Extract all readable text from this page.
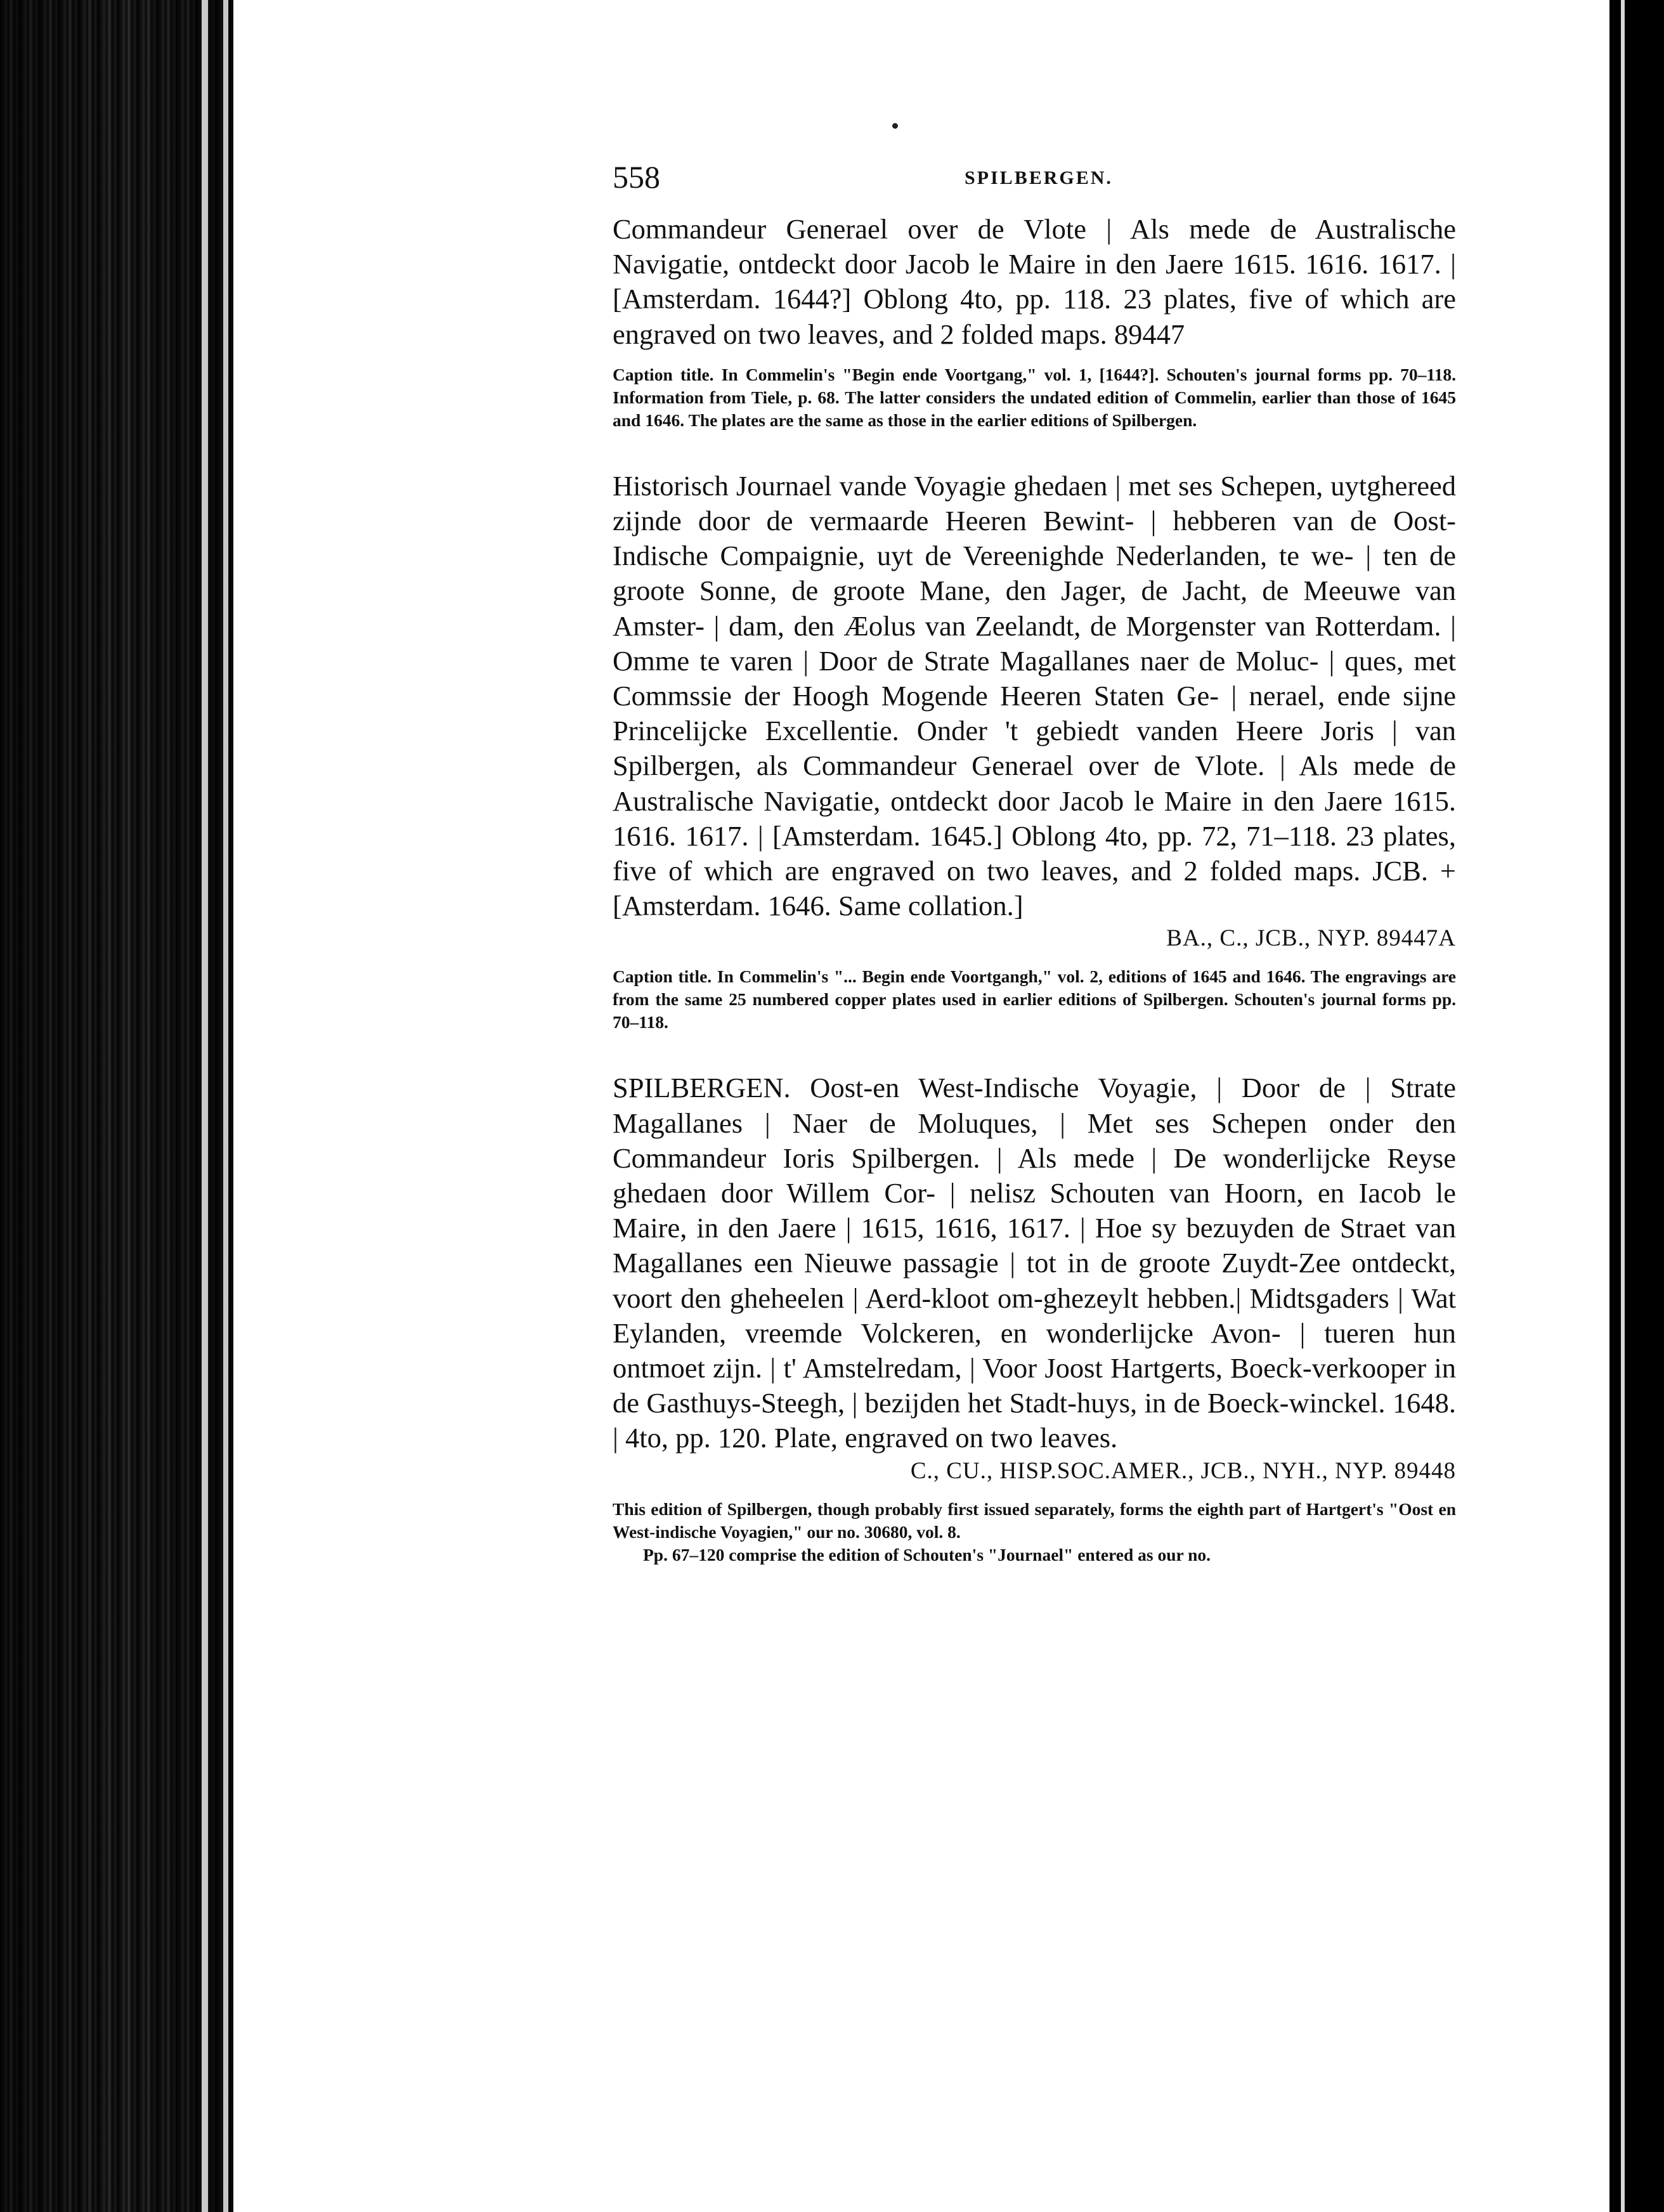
558	SPILBERGEN.

Commandeur Generael over de Vlote | Als mede de Australische Navigatie, ontdeckt door Jacob le Maire in den Jaere 1615. 1616. 1617. | [Amsterdam. 1644?] Oblong 4to, pp. 118. 23 plates, five of which are engraved on two leaves, and 2 folded maps. 89447

Caption title. In Commelin's "Begin ende Voortgang," vol. 1, [1644?]. Schouten's journal forms pp. 70–118. Information from Tiele, p. 68. The latter considers the undated edition of Commelin, earlier than those of 1645 and 1646. The plates are the same as those in the earlier editions of Spilbergen.

Historisch Journael vande Voyagie ghedaen | met ses Schepen, uytghereed zijnde door de vermaarde Heeren Bewint- | hebberen van de Oost-Indische Compaignie, uyt de Vereenighde Nederlanden, te we- | ten de groote Sonne, de groote Mane, den Jager, de Jacht, de Meeuwe van Amster- | dam, den Æolus van Zeelandt, de Morgenster van Rotterdam. | Omme te varen | Door de Strate Magallanes naer de Moluc- | ques, met Commssie der Hoogh Mogende Heeren Staten Ge- | nerael, ende sijne Princelijcke Excellentie. Onder 't gebiedt vanden Heere Joris | van Spilbergen, als Commandeur Generael over de Vlote. | Als mede de Australische Navigatie, ontdeckt door Jacob le Maire in den Jaere 1615. 1616. 1617. | [Amsterdam. 1645.] Oblong 4to, pp. 72, 71–118. 23 plates, five of which are engraved on two leaves, and 2 folded maps. JCB. + [Amsterdam. 1646. Same collation.]

BA., C., JCB., NYP. 89447A

Caption title. In Commelin's "... Begin ende Voortgangh," vol. 2, editions of 1645 and 1646. The engravings are from the same 25 numbered copper plates used in earlier editions of Spilbergen. Schouten's journal forms pp. 70–118.

SPILBERGEN. Oost-en West-Indische Voyagie, | Door de | Strate Magallanes | Naer de Moluques, | Met ses Schepen onder den Commandeur Ioris Spilbergen. | Als mede | De wonderlijcke Reyse ghedaen door Willem Cor- | nelisz Schouten van Hoorn, en Iacob le Maire, in den Jaere | 1615, 1616, 1617. | Hoe sy bezuyden de Straet van Magallanes een Nieuwe passagie | tot in de groote Zuydt-Zee ontdeckt, voort den gheheelen | Aerd-kloot om-ghezeylt hebben.| Midtsgaders | Wat Eylanden, vreemde Volckeren, en wonderlijcke Avon- | tueren hun ontmoet zijn. | t' Amstelredam, | Voor Joost Hartgerts, Boeck-verkooper in de Gasthuys-Steegh, | bezijden het Stadt-huys, in de Boeck-winckel. 1648. | 4to, pp. 120. Plate, engraved on two leaves.

C., CU., HISP.SOC.AMER., JCB., NYH., NYP. 89448

This edition of Spilbergen, though probably first issued separately, forms the eighth part of Hartgert's "Oost en West-indische Voyagien," our no. 30680, vol. 8.

Pp. 67–120 comprise the edition of Schouten's "Journael" entered as our no.
